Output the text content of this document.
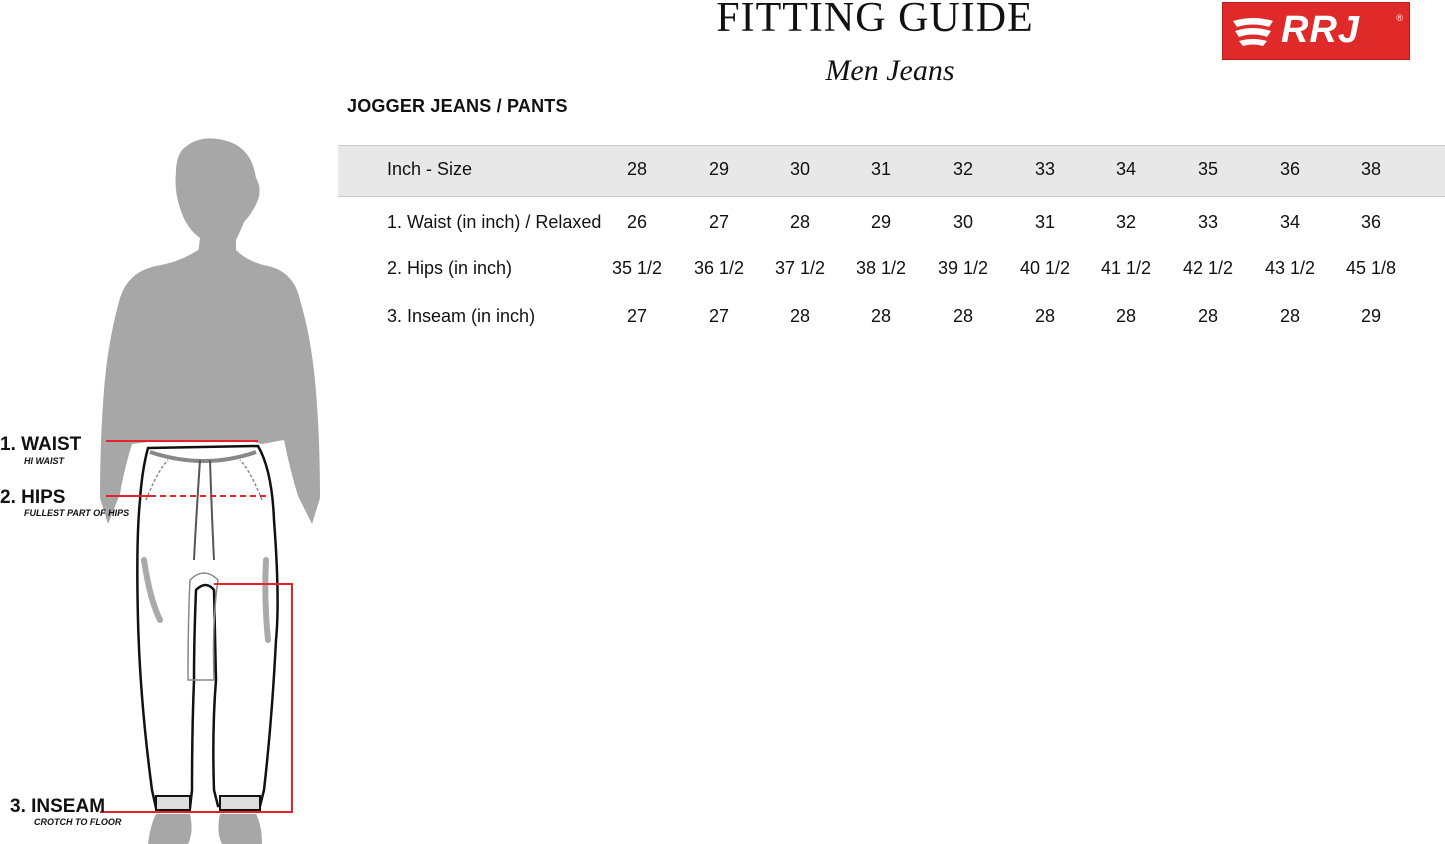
FITTING GUIDE
Men Jeans
RRJ	®
JOGGER JEANS / PANTS
Inch - Size	28	29	30	31	32	33	34	35	36	38
1. Waist (in inch) / Relaxed	26	27	28	29	30	31	32	33	34	36
2. Hips (in inch)	35 1/2	36 1/2	37 1/2	38 1/2	39 1/2	40 1/2	41 1/2	42 1/2	43 1/2	45 1/8
3. Inseam (in inch)	27	27	28	28	28	28	28	28	28	29
1. WAIST
HI WAIST
2. HIPS
FULLEST PART OF HIPS
3. INSEAM
CROTCH TO FLOOR
